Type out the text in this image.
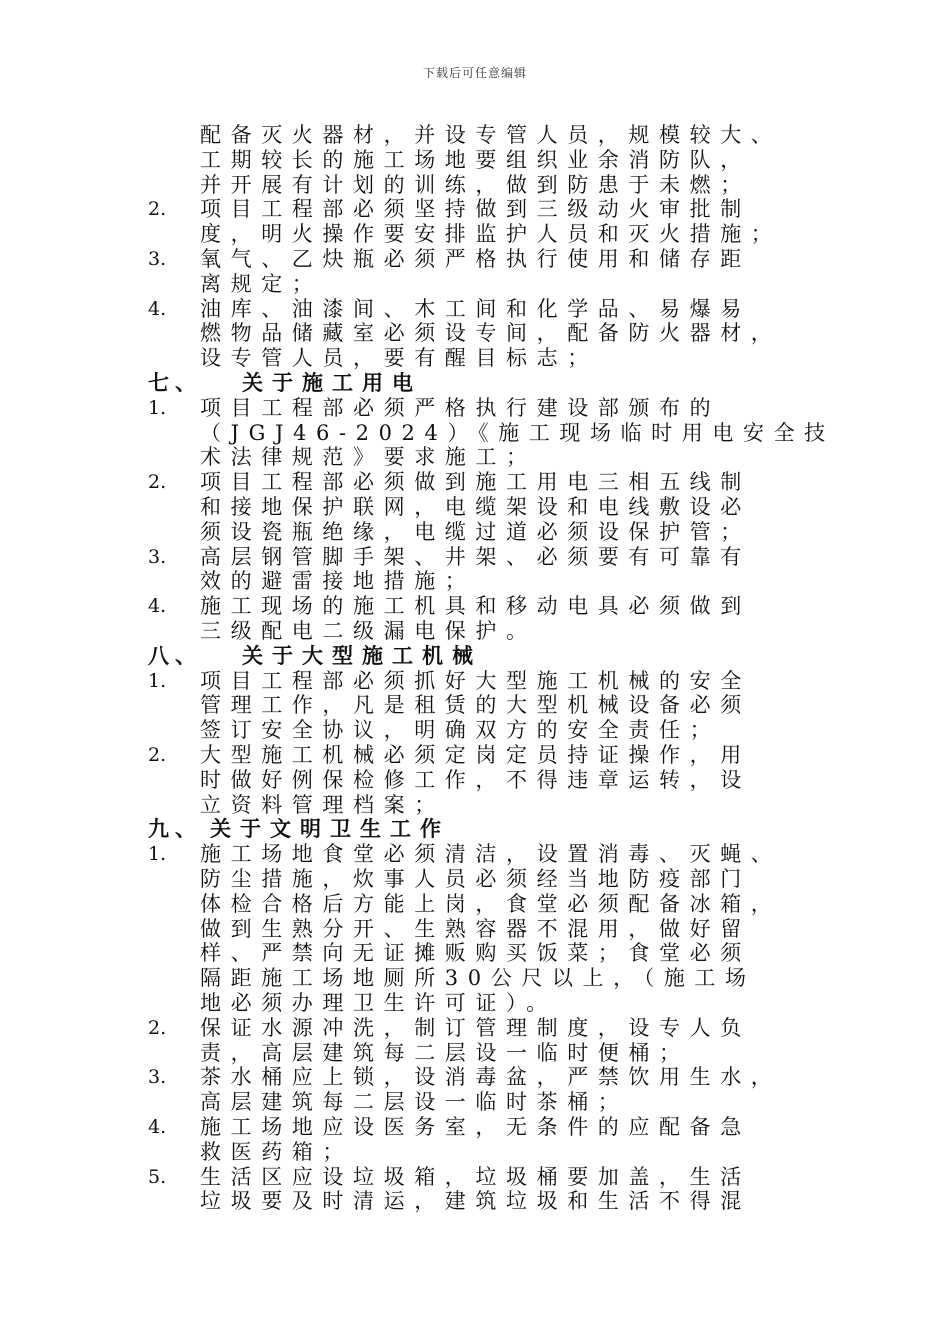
下载后可任意编辑
配备灭火器材，并设专管人员，规模较大、
工期较长的施工场地要组织业余消防队，
并开展有计划的训练，做到防患于未燃；
2. 项目工程部必须坚持做到三级动火审批制
度，明火操作要安排监护人员和灭火措施；
3. 氧气、乙炔瓶必须严格执行使用和储存距
离规定；
4. 油库、油漆间、木工间和化学品、易爆易
燃物品储藏室必须设专间，配备防火器材，
设专管人员，要有醒目标志；
七、 关于施工用电
1. 项目工程部必须严格执行建设部颁布的
（JGJ46-2024）《施工现场临时用电安全技
术法律规范》要求施工；
2. 项目工程部必须做到施工用电三相五线制
和接地保护联网，电缆架设和电线敷设必
须设瓷瓶绝缘，电缆过道必须设保护管；
3. 高层钢管脚手架、井架、必须要有可靠有
效的避雷接地措施；
4. 施工现场的施工机具和移动电具必须做到
三级配电二级漏电保护。
八、 关于大型施工机械
1. 项目工程部必须抓好大型施工机械的安全
管理工作，凡是租赁的大型机械设备必须
签订安全协议，明确双方的安全责任；
2. 大型施工机械必须定岗定员持证操作，用
时做好例保检修工作，不得违章运转，设
立资料管理档案；
九、 关于文明卫生工作
1. 施工场地食堂必须清洁，设置消毒、灭蝇、
防尘措施，炊事人员必须经当地防疫部门
体检合格后方能上岗，食堂必须配备冰箱，
做到生熟分开、生熟容器不混用，做好留
样、严禁向无证摊贩购买饭菜；食堂必须
隔距施工场地厕所30公尺以上，（施工场
地必须办理卫生许可证）。
2. 保证水源冲洗，制订管理制度，设专人负
责，高层建筑每二层设一临时便桶；
3. 茶水桶应上锁，设消毒盆，严禁饮用生水，
高层建筑每二层设一临时茶桶；
4. 施工场地应设医务室，无条件的应配备急
救医药箱；
5. 生活区应设垃圾箱，垃圾桶要加盖，生活
垃圾要及时清运，建筑垃圾和生活不得混
